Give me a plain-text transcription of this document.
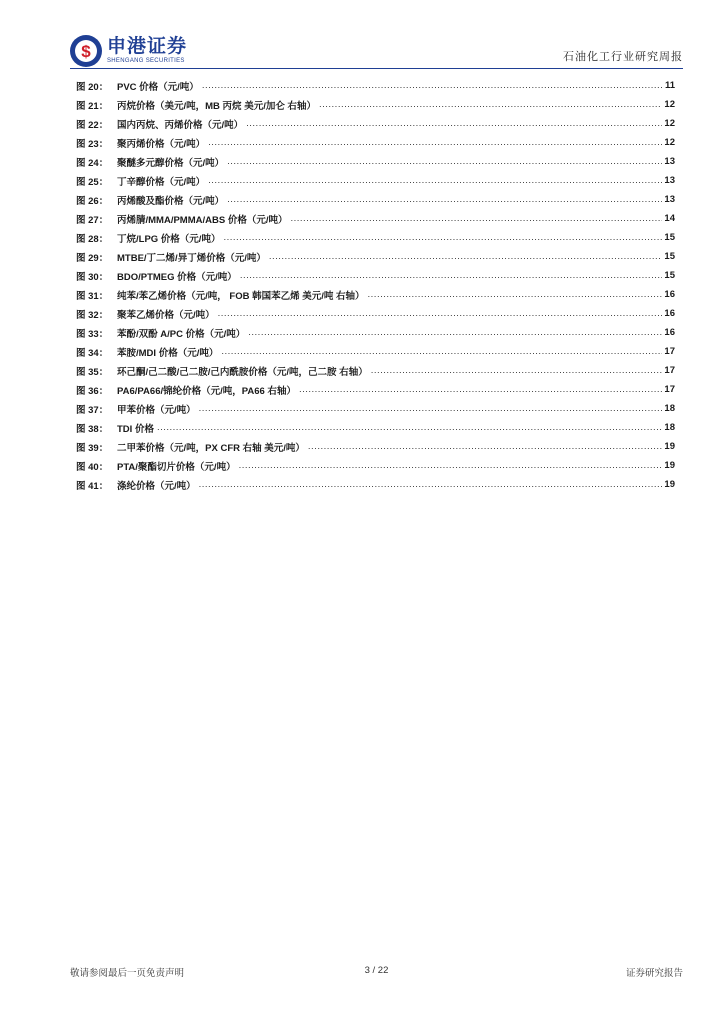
$ 申港证券
SHENGANG SECURITIES	石油化工行业研究周报
图 20： PVC 价格（元/吨） .....	11
图 21： 丙烷价格（美元/吨，MB 丙烷 美元/加仑 右轴） .....	12
图 22： 国内丙烷、丙烯价格（元/吨） .....	12
图 23： 聚丙烯价格（元/吨） .....	12
图 24： 聚醚多元醇价格（元/吨） .....	13
图 25： 丁辛醇价格（元/吨） .....	13
图 26： 丙烯酸及酯价格（元/吨） .....	13
图 27： 丙烯腈/MMA/PMMA/ABS 价格（元/吨） .....	14
图 28： 丁烷/LPG 价格（元/吨） .....	15
图 29： MTBE/丁二烯/异丁烯价格（元/吨） .....	15
图 30： BDO/PTMEG 价格（元/吨） .....	15
图 31： 纯苯/苯乙烯价格（元/吨， FOB 韩国苯乙烯 美元/吨 右轴） .....	16
图 32： 聚苯乙烯价格（元/吨） .....	16
图 33： 苯酚/双酚 A/PC 价格（元/吨） .....	16
图 34： 苯胺/MDI 价格（元/吨） .....	17
图 35： 环己酮/己二酸/己二胺/己内酰胺价格（元/吨，己二胺 右轴） .....	17
图 36： PA6/PA66/锦纶价格（元/吨，PA66 右轴） .....	17
图 37： 甲苯价格（元/吨） .....	18
图 38： TDI 价格 .....	18
图 39： 二甲苯价格（元/吨，PX CFR 右轴 美元/吨） .....	19
图 40： PTA/聚酯切片价格（元/吨） .....	19
图 41： 涤纶价格（元/吨） .....	19
敬请参阅最后一页免责声明	3 / 22	证券研究报告
